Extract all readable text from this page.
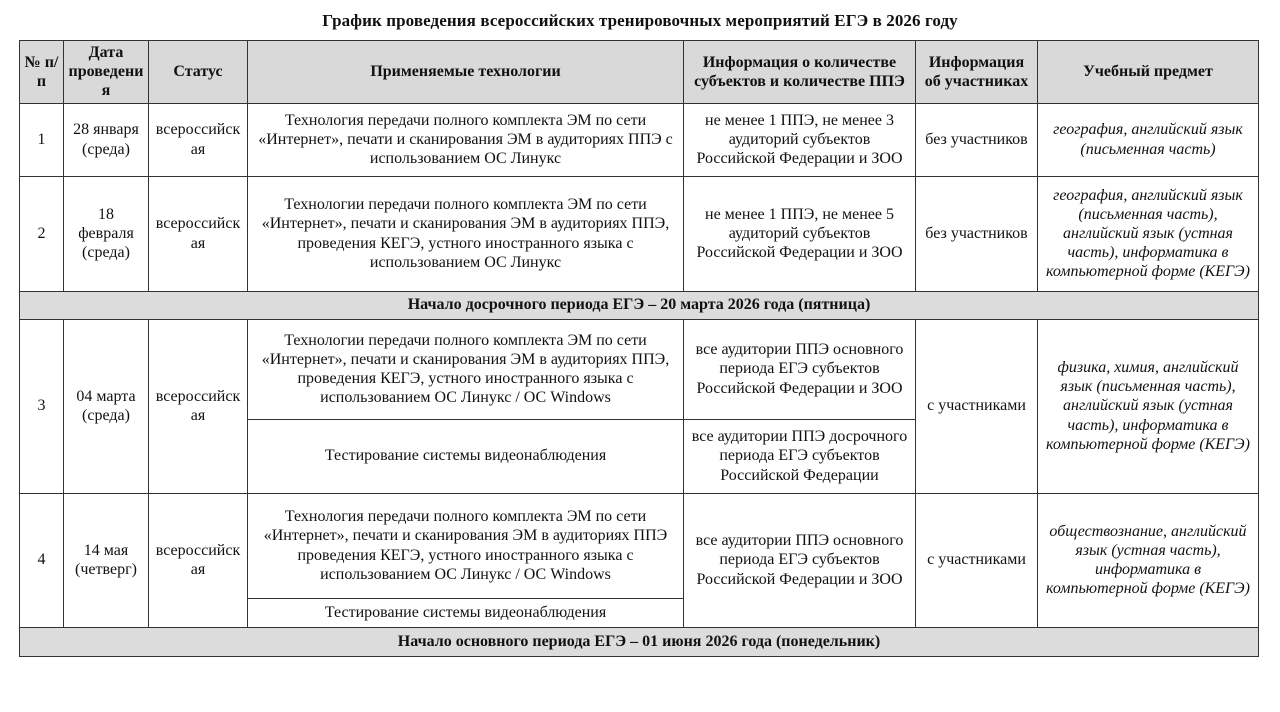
График проведения всероссийских тренировочных мероприятий ЕГЭ в 2026 году
№ п/п	Дата проведения	Статус	Применяемые технологии	Информация о количестве субъектов и количестве ППЭ	Информация об участниках	Учебный предмет
1	28 января (среда)	всероссийская	Технология передачи полного комплекта ЭМ по сети «Интернет», печати и сканирования ЭМ в аудиториях ППЭ с использованием ОС Линукс	не менее 1 ППЭ, не менее 3 аудиторий субъектов Российской Федерации и ЗОО	без участников	география, английский язык (письменная часть)
2	18 февраля (среда)	всероссийская	Технологии передачи полного комплекта ЭМ по сети «Интернет», печати и сканирования ЭМ в аудиториях ППЭ, проведения КЕГЭ, устного иностранного языка с использованием ОС Линукс	не менее 1 ППЭ, не менее 5 аудиторий субъектов Российской Федерации и ЗОО	без участников	география, английский язык (письменная часть), английский язык (устная часть), информатика в компьютерной форме (КЕГЭ)
Начало досрочного периода ЕГЭ – 20 марта 2026 года (пятница)						
3	04 марта (среда)	всероссийская	Технологии передачи полного комплекта ЭМ по сети «Интернет», печати и сканирования ЭМ в аудиториях ППЭ, проведения КЕГЭ, устного иностранного языка с использованием ОС Линукс / ОС Windows	все аудитории ППЭ основного периода ЕГЭ субъектов Российской Федерации и ЗОО	с участниками	физика, химия, английский язык (письменная часть), английский язык (устная часть), информатика в компьютерной форме (КЕГЭ)
			Тестирование системы видеонаблюдения	все аудитории ППЭ досрочного периода ЕГЭ субъектов Российской Федерации		
4	14 мая (четверг)	всероссийская	Технология передачи полного комплекта ЭМ по сети «Интернет», печати и сканирования ЭМ в аудиториях ППЭ проведения КЕГЭ, устного иностранного языка с использованием ОС Линукс / ОС Windows	все аудитории ППЭ основного периода ЕГЭ субъектов Российской Федерации и ЗОО	с участниками	обществознание, английский язык (устная часть), информатика в компьютерной форме (КЕГЭ)
			Тестирование системы видеонаблюдения			
Начало основного периода ЕГЭ – 01 июня 2026 года (понедельник)						
